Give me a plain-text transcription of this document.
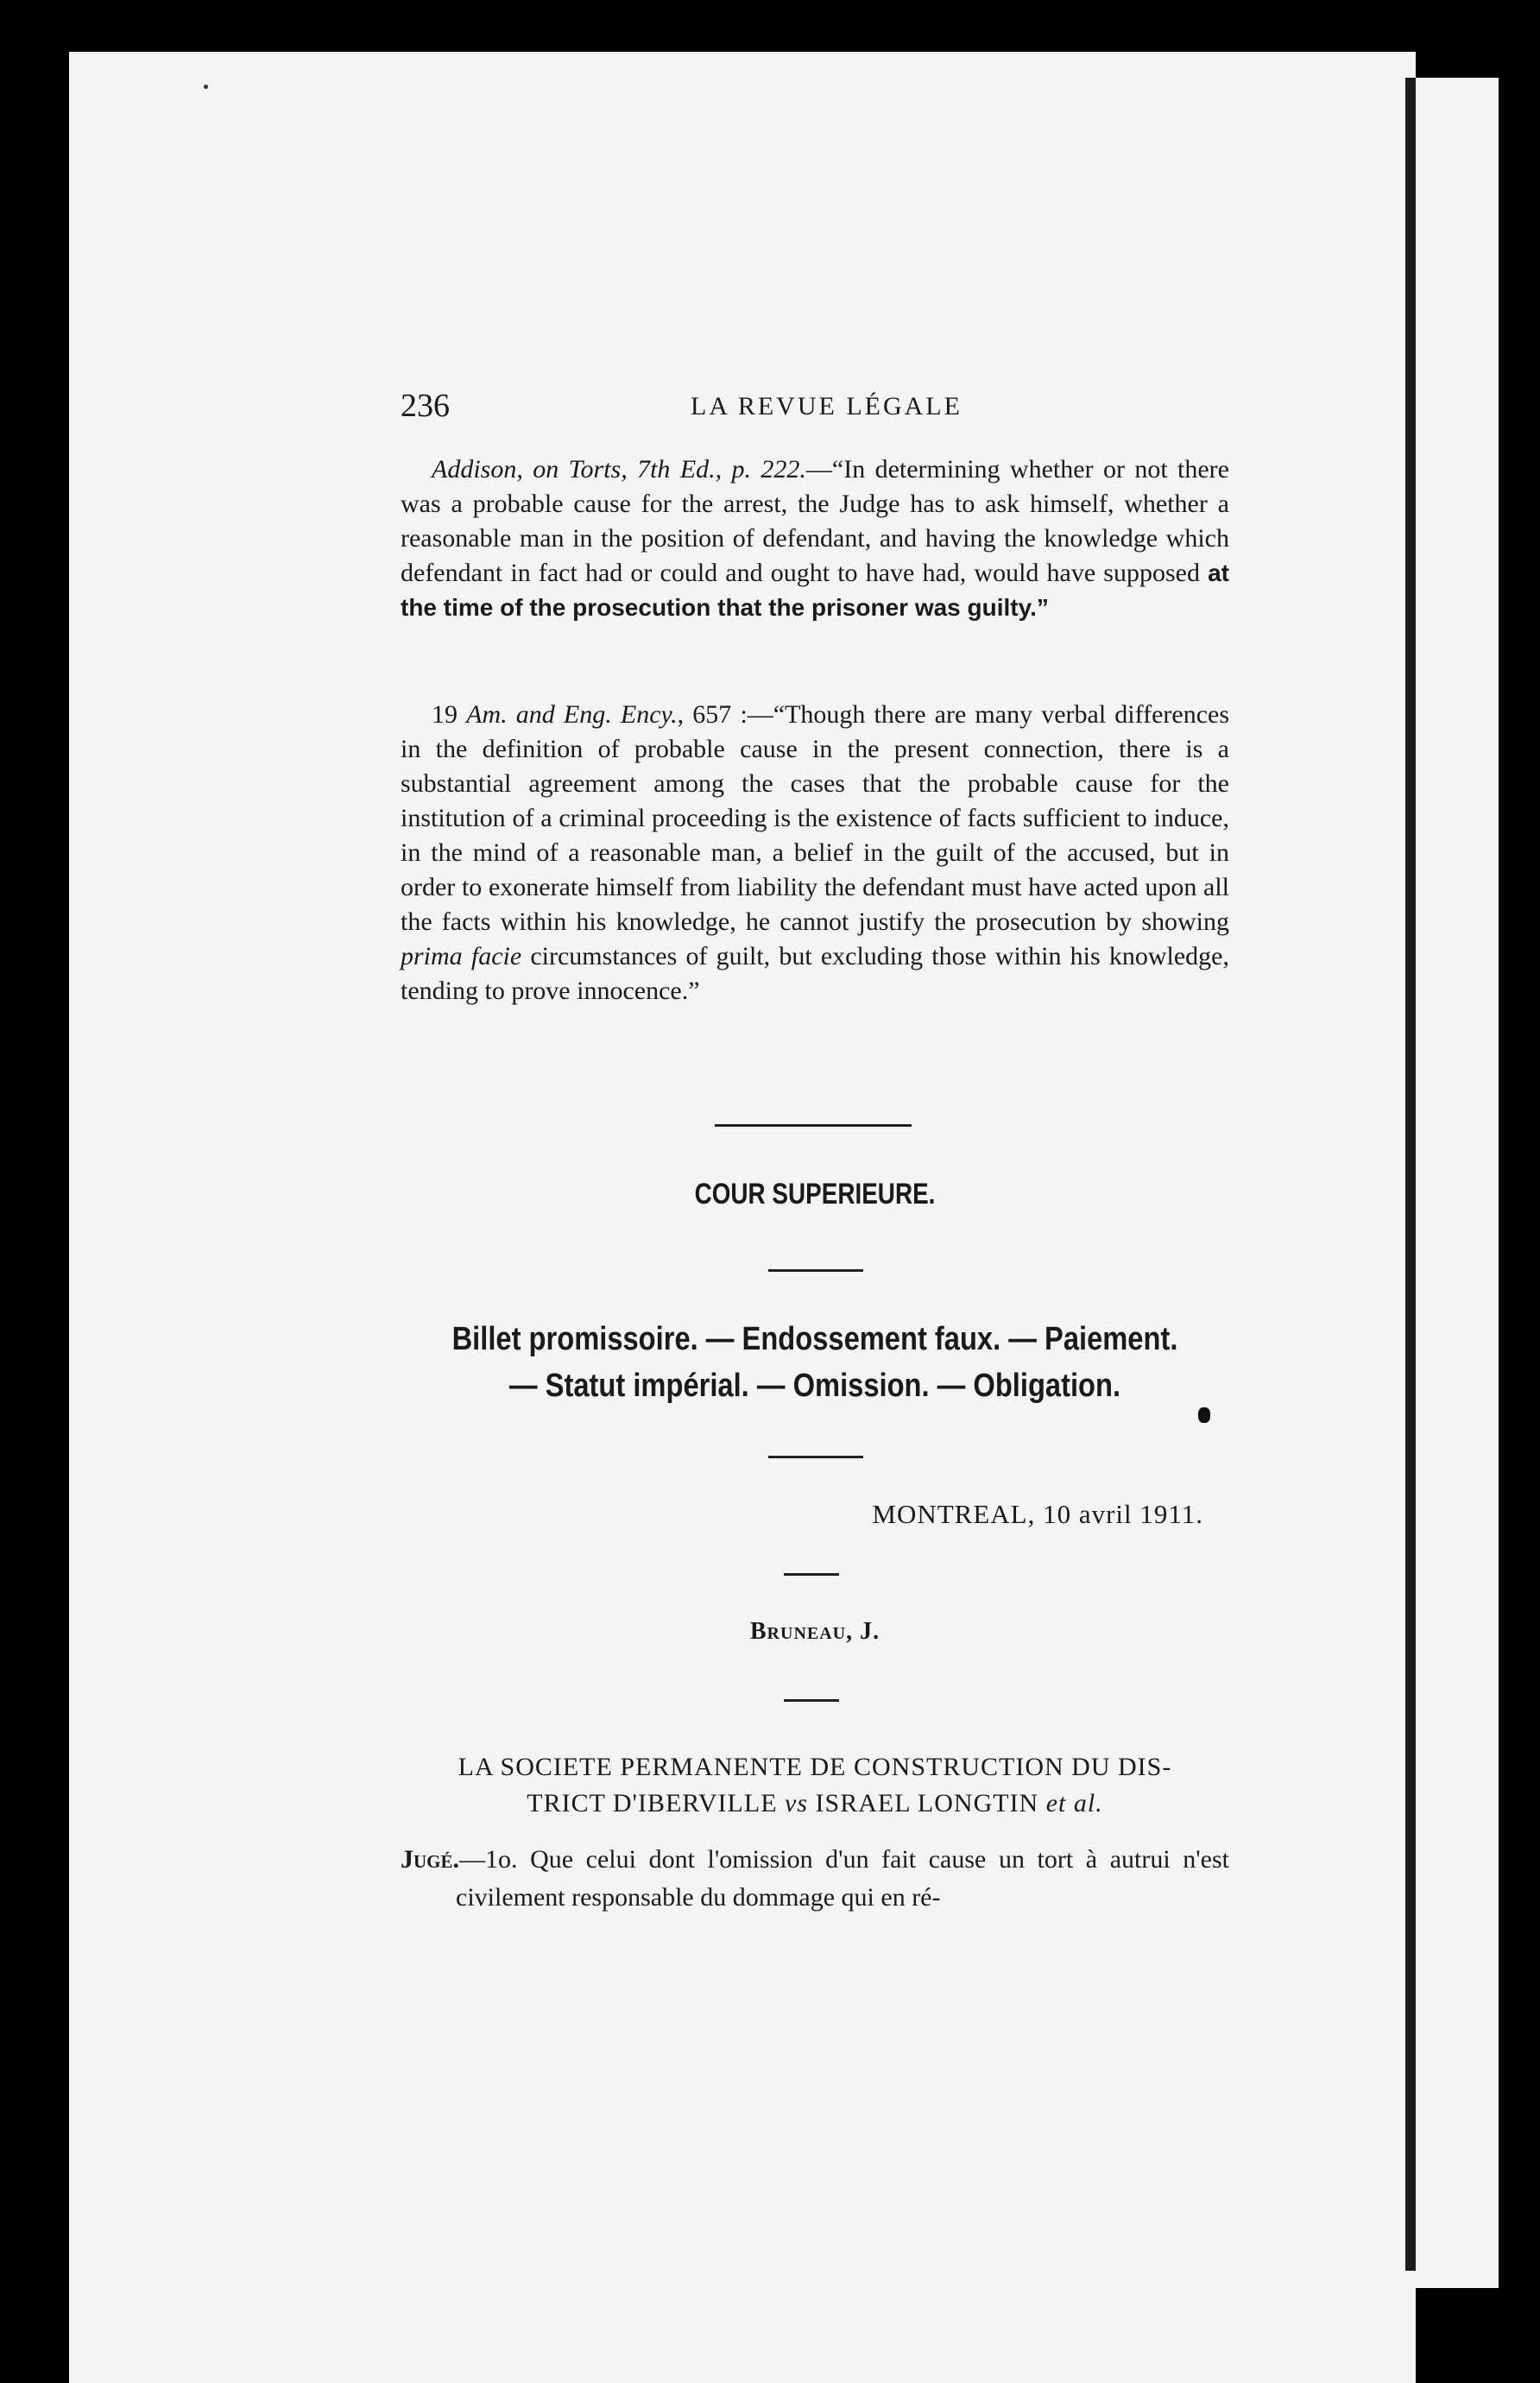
236	LA REVUE LÉGALE
Addison, on Torts, 7th Ed., p. 222.—“In determining whether or not there was a probable cause for the arrest, the Judge has to ask himself, whether a reasonable man in the position of defendant, and having the knowledge which defendant in fact had or could and ought to have had, would have supposed at the time of the prosecution that the prisoner was guilty.”
19 Am. and Eng. Ency., 657 :—“Though there are many verbal differences in the definition of probable cause in the present connection, there is a substantial agreement among the cases that the probable cause for the institution of a criminal proceeding is the existence of facts sufficient to induce, in the mind of a reasonable man, a belief in the guilt of the accused, but in order to exonerate himself from liability the defendant must have acted upon all the facts within his knowledge, he cannot justify the prosecution by showing prima facie circumstances of guilt, but excluding those within his knowledge, tending to prove innocence.”
COUR SUPERIEURE.
Billet promissoire. — Endossement faux. — Paiement.
— Statut impérial. — Omission. — Obligation.
MONTREAL, 10 avril 1911.
Bruneau, J.
LA SOCIETE PERMANENTE DE CONSTRUCTION DU DIS-
TRICT D'IBERVILLE vs ISRAEL LONGTIN et al.
Jugé.—1o. Que celui dont l'omission d'un fait cause un tort à autrui n'est civilement responsable du dommage qui en ré-
